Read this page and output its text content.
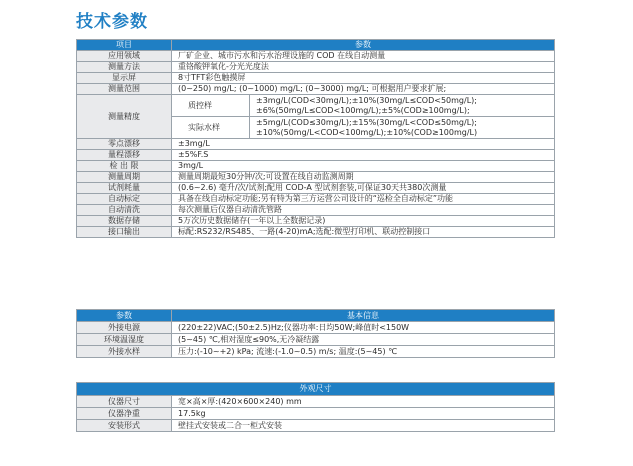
技术参数
项目	参数	
应用领域	厂矿企业、城市污水和污水治理设施的 COD 在线自动测量	
测量方法	重铬酸钾氧化-分光光度法	
显示屏	8寸TFT彩色触摸屏	
测量范围	(0~250) mg/L; (0~1000) mg/L; (0~3000) mg/L; 可根据用户要求扩展;	
测量精度	质控样	±3mg/L(COD<30mg/L);±10%(30mg/L≤COD<50mg/L);
±6%(50mg/L≤COD<100mg/L);±5%(COD≥100mg/L);

	实际水样	±5mg/L(COD≤30mg/L);±15%(30mg/L<COD≤50mg/L);
±10%(50mg/L<COD<100mg/L);±10%(COD≥100mg/L)

零点漂移	±3mg/L	
量程漂移	±5%F.S	
检 出 限	3mg/L	
测量周期	测量周期最短30分钟/次;可设置在线自动监测周期	
试剂耗量	(0.6~2.6) 毫升/次/试剂;配用 COD-A 型试剂套装,可保证30天共380次测量	
自动标定	具备在线自动标定功能;另有特为第三方运营公司设计的“巡检全自动标定”功能	
自动清洗	每次测量后仪器自动清洗管路	
数据存储	5万次历史数据储存(一年以上全数据记录)	
接口输出	标配:RS232/RS485、一路(4-20)mA;选配:微型打印机、联动控制接口	
参数	基本信息
外接电源	(220±22)VAC;(50±2.5)Hz;仪器功率:日均50W;峰值时<150W
环境温湿度	(5~45) ℃,相对湿度≤90%,无冷凝结露
外接水样	压力:(-10~+2) kPa; 流速:(-1.0~0.5) m/s; 温度:(5~45) ℃
外观尺寸	
仪器尺寸	宽×高×厚:(420×600×240) mm
仪器净重	17.5kg
安装形式	壁挂式安装或二合一柜式安装
